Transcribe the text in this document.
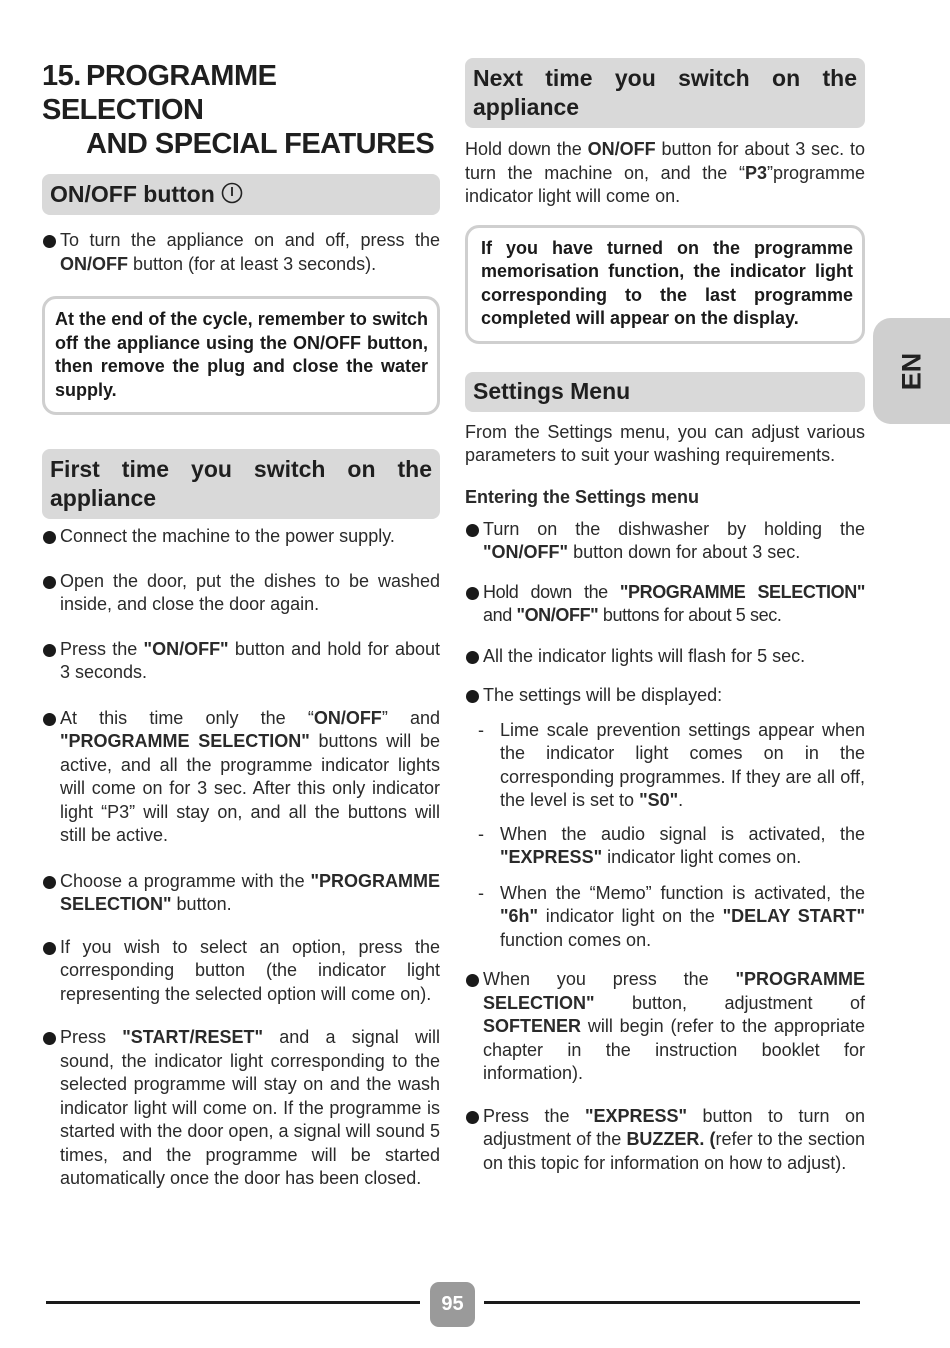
15. PROGRAMME SELECTION
AND SPECIAL FEATURES
ON/OFF button
To turn the appliance on and off, press the ON/OFF button (for at least 3 seconds).
At the end of the cycle, remember to switch off the appliance using the ON/OFF button, then remove the plug and close the water supply.
First time you switch on the appliance
Connect the machine to the power supply.
Open the door, put the dishes to be washed inside, and close the door again.
Press the "ON/OFF" button and hold for about 3 seconds.
At this time only the “ON/OFF” and "PROGRAMME SELECTION" buttons will be active, and all the programme indicator lights will come on for 3 sec. After this only indicator light “P3” will stay on, and all the buttons will still be active.
Choose a programme with the "PROGRAMME SELECTION" button.
If you wish to select an option, press the corresponding button (the indicator light representing the selected option will come on).
Press "START/RESET" and a signal will sound, the indicator light corresponding to the selected programme will stay on and the wash indicator light will come on. If the programme is started with the door open, a signal will sound 5 times, and the programme will be started automatically once the door has been closed.
Next time you switch on the appliance

Hold down the ON/OFF button for about 3 sec. to turn the machine on, and the “P3”programme indicator light will come on.

If you have turned on the programme memorisation function, the indicator light corresponding to the last programme completed will appear on the display.
Settings Menu

From the Settings menu, you can adjust various parameters to suit your washing requirements.

Entering the Settings menu
Turn on the dishwasher by holding the "ON/OFF" button down for about 3 sec.
Hold down the "PROGRAMME SELECTION" and "ON/OFF" buttons for about 5 sec.
All the indicator lights will flash for 5 sec.
The settings will be displayed:
- Lime scale prevention settings appear when the indicator light comes on in the corresponding programmes. If they are all off, the level is set to "S0".
- When the audio signal is activated, the "EXPRESS" indicator light comes on.
- When the “Memo” function is activated, the "6h" indicator light on the "DELAY START" function comes on.
When you press the "PROGRAMME SELECTION" button, adjustment of SOFTENER will begin (refer to the appropriate chapter in the instruction booklet for information).
Press the "EXPRESS" button to turn on adjustment of the BUZZER. (refer to the section on this topic for information on how to adjust).
EN
95
